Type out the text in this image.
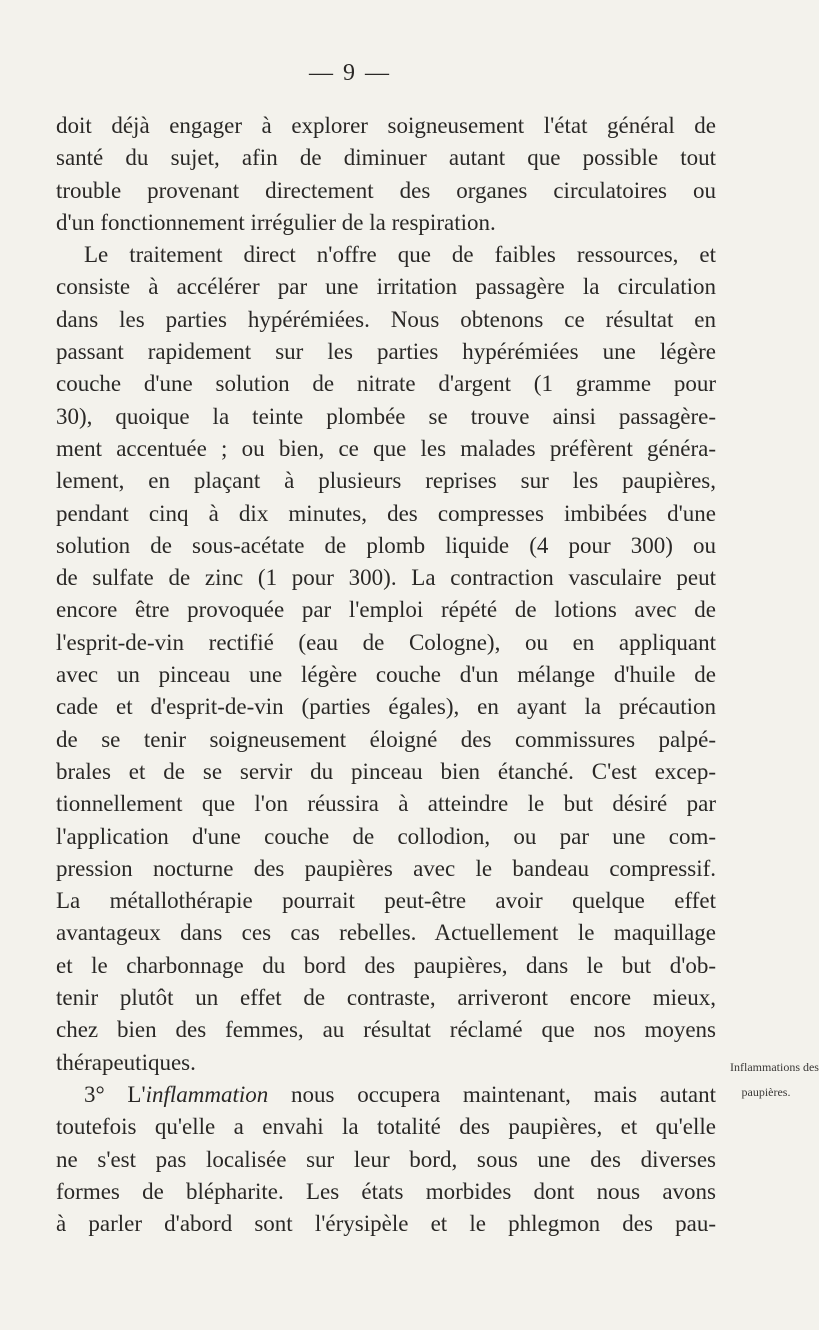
— 9 —
doit déjà engager à explorer soigneusement l'état général de
santé du sujet, afin de diminuer autant que possible tout
trouble provenant directement des organes circulatoires ou
d'un fonctionnement irrégulier de la respiration.
Le traitement direct n'offre que de faibles ressources, et
consiste à accélérer par une irritation passagère la circulation
dans les parties hypérémiées. Nous obtenons ce résultat en
passant rapidement sur les parties hypérémiées une légère
couche d'une solution de nitrate d'argent (1 gramme pour
30), quoique la teinte plombée se trouve ainsi passagère-
ment accentuée ; ou bien, ce que les malades préfèrent généra-
lement, en plaçant à plusieurs reprises sur les paupières,
pendant cinq à dix minutes, des compresses imbibées d'une
solution de sous-acétate de plomb liquide (4 pour 300) ou
de sulfate de zinc (1 pour 300). La contraction vasculaire peut
encore être provoquée par l'emploi répété de lotions avec de
l'esprit-de-vin rectifié (eau de Cologne), ou en appliquant
avec un pinceau une légère couche d'un mélange d'huile de
cade et d'esprit-de-vin (parties égales), en ayant la précaution
de se tenir soigneusement éloigné des commissures palpé-
brales et de se servir du pinceau bien étanché. C'est excep-
tionnellement que l'on réussira à atteindre le but désiré par
l'application d'une couche de collodion, ou par une com-
pression nocturne des paupières avec le bandeau compressif.
La métallothérapie pourrait peut-être avoir quelque effet
avantageux dans ces cas rebelles. Actuellement le maquillage
et le charbonnage du bord des paupières, dans le but d'ob-
tenir plutôt un effet de contraste, arriveront encore mieux,
chez bien des femmes, au résultat réclamé que nos moyens
thérapeutiques.
3° L'inflammation nous occupera maintenant, mais autant
toutefois qu'elle a envahi la totalité des paupières, et qu'elle
ne s'est pas localisée sur leur bord, sous une des diverses
formes de blépharite. Les états morbides dont nous avons
à parler d'abord sont l'érysipèle et le phlegmon des pau-
Inflammations des
paupières.
